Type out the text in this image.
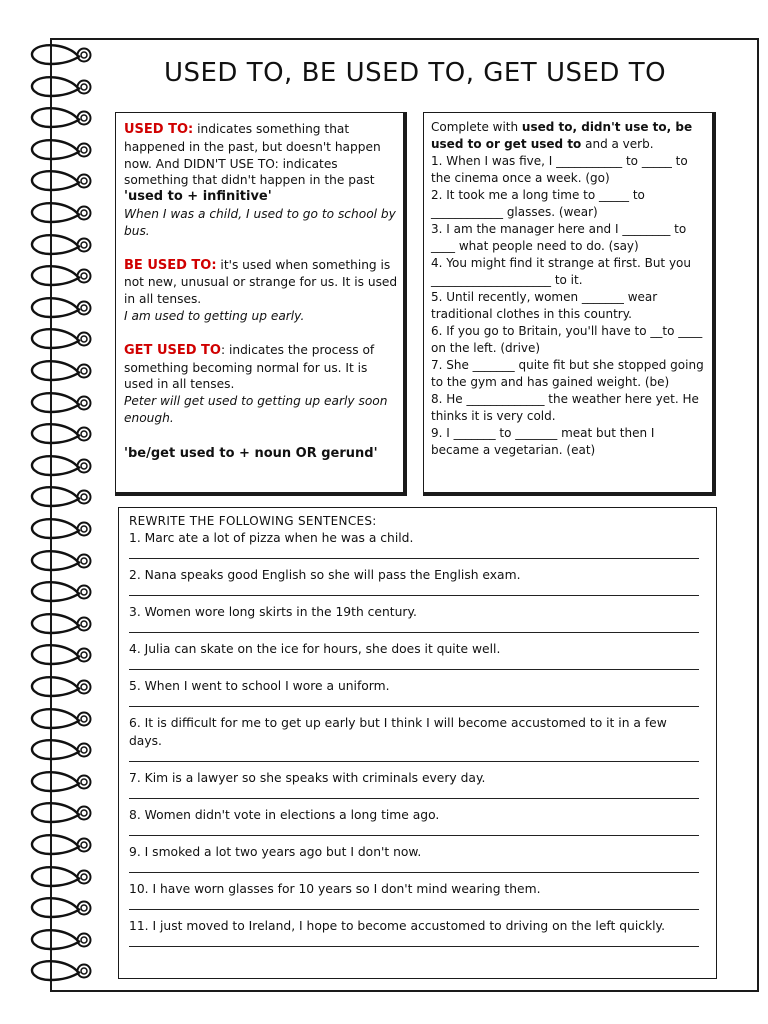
USED TO, BE USED TO, GET USED TO

USED TO: indicates something that happened in the past, but doesn't happen now. And DIDN'T USE TO: indicates something that didn't happen in the past

'used to + infinitive'

When I was a child, I used to go to school by bus.

BE USED TO: it's used when something is not new, unusual or strange for us. It is used in all tenses.

I am used to getting up early.

GET USED TO: indicates the process of something becoming normal for us. It is used in all tenses.

Peter will get used to getting up early soon enough.

'be/get used to + noun OR gerund'

Complete with used to, didn't use to, be used to or get used to and a verb.

1. When I was five, I ___________ to _____ to the cinema once a week. (go)

2. It took me a long time to _____ to ____________ glasses. (wear)

3. I am the manager here and I ________ to ____ what people need to do. (say)

4. You might find it strange at first. But you ____________________ to it.

5. Until recently, women _______ wear traditional clothes in this country.

6. If you go to Britain, you'll have to __to ____ on the left. (drive)

7. She _______ quite fit but she stopped going to the gym and has gained weight. (be)

8. He _____________ the weather here yet. He thinks it is very cold.

9. I _______ to _______ meat but then I became a vegetarian. (eat)

REWRITE THE FOLLOWING SENTENCES:

1. Marc ate a lot of pizza when he was a child.
2. Nana speaks good English so she will pass the English exam.
3. Women wore long skirts in the 19th century.
4. Julia can skate on the ice for hours, she does it quite well.
5. When I went to school I wore a uniform.
6. It is difficult for me to get up early but I think I will become accustomed to it in a few days.
7. Kim is a lawyer so she speaks with criminals every day.
8. Women didn't vote in elections a long time ago.
9. I smoked a lot two years ago but I don't now.
10. I have worn glasses for 10 years so I don't mind wearing them.
11. I just moved to Ireland, I hope to become accustomed to driving on the left quickly.
